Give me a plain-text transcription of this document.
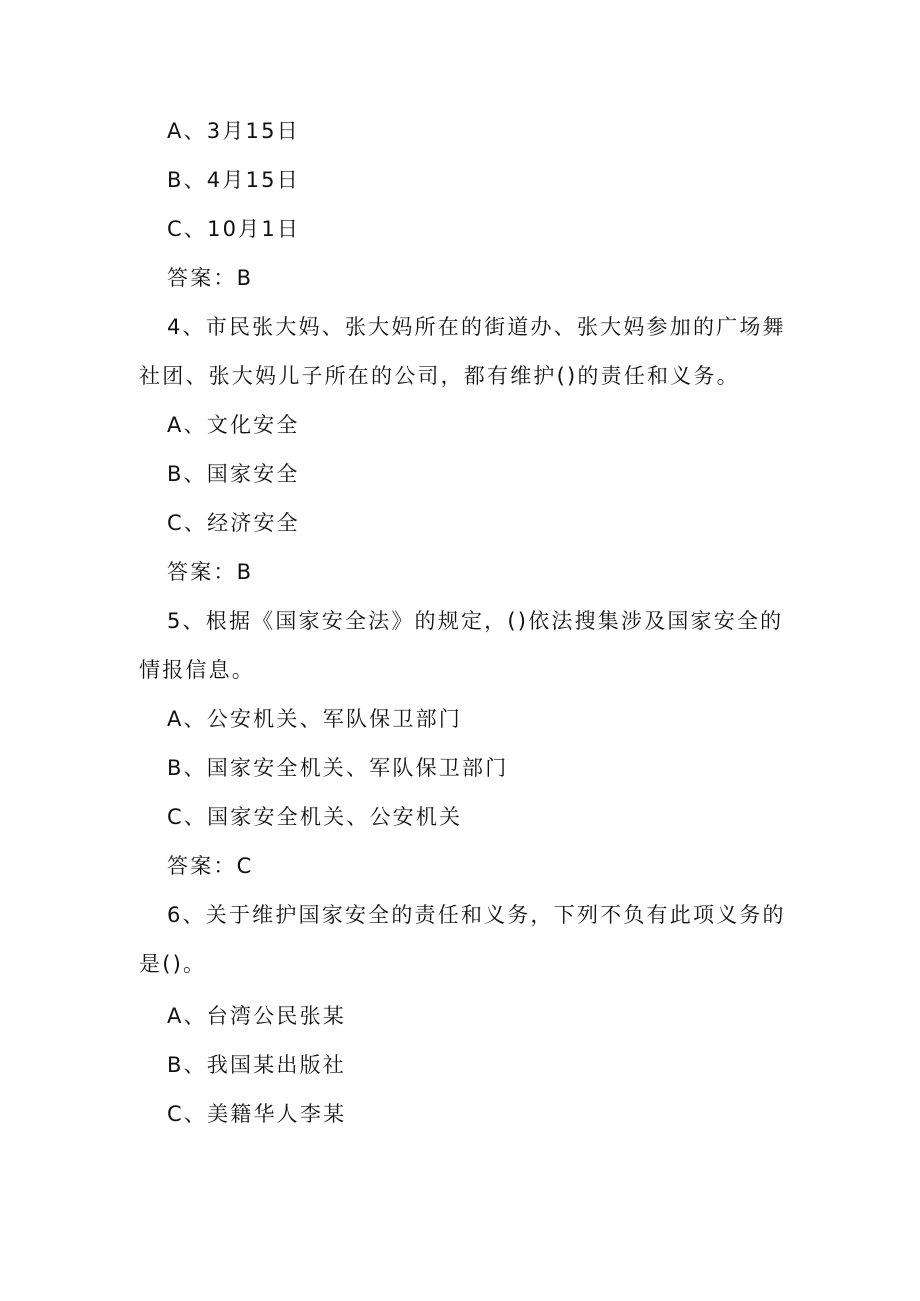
A、3月15日
B、4月15日
C、10月1日
答案：B
4、市民张大妈、张大妈所在的街道办、张大妈参加的广场舞
社团、张大妈儿子所在的公司，都有维护()的责任和义务。
A、文化安全
B、国家安全
C、经济安全
答案：B
5、根据《国家安全法》的规定，()依法搜集涉及国家安全的
情报信息。
A、公安机关、军队保卫部门
B、国家安全机关、军队保卫部门
C、国家安全机关、公安机关
答案：C
6、关于维护国家安全的责任和义务，下列不负有此项义务的
是()。
A、台湾公民张某
B、我国某出版社
C、美籍华人李某
